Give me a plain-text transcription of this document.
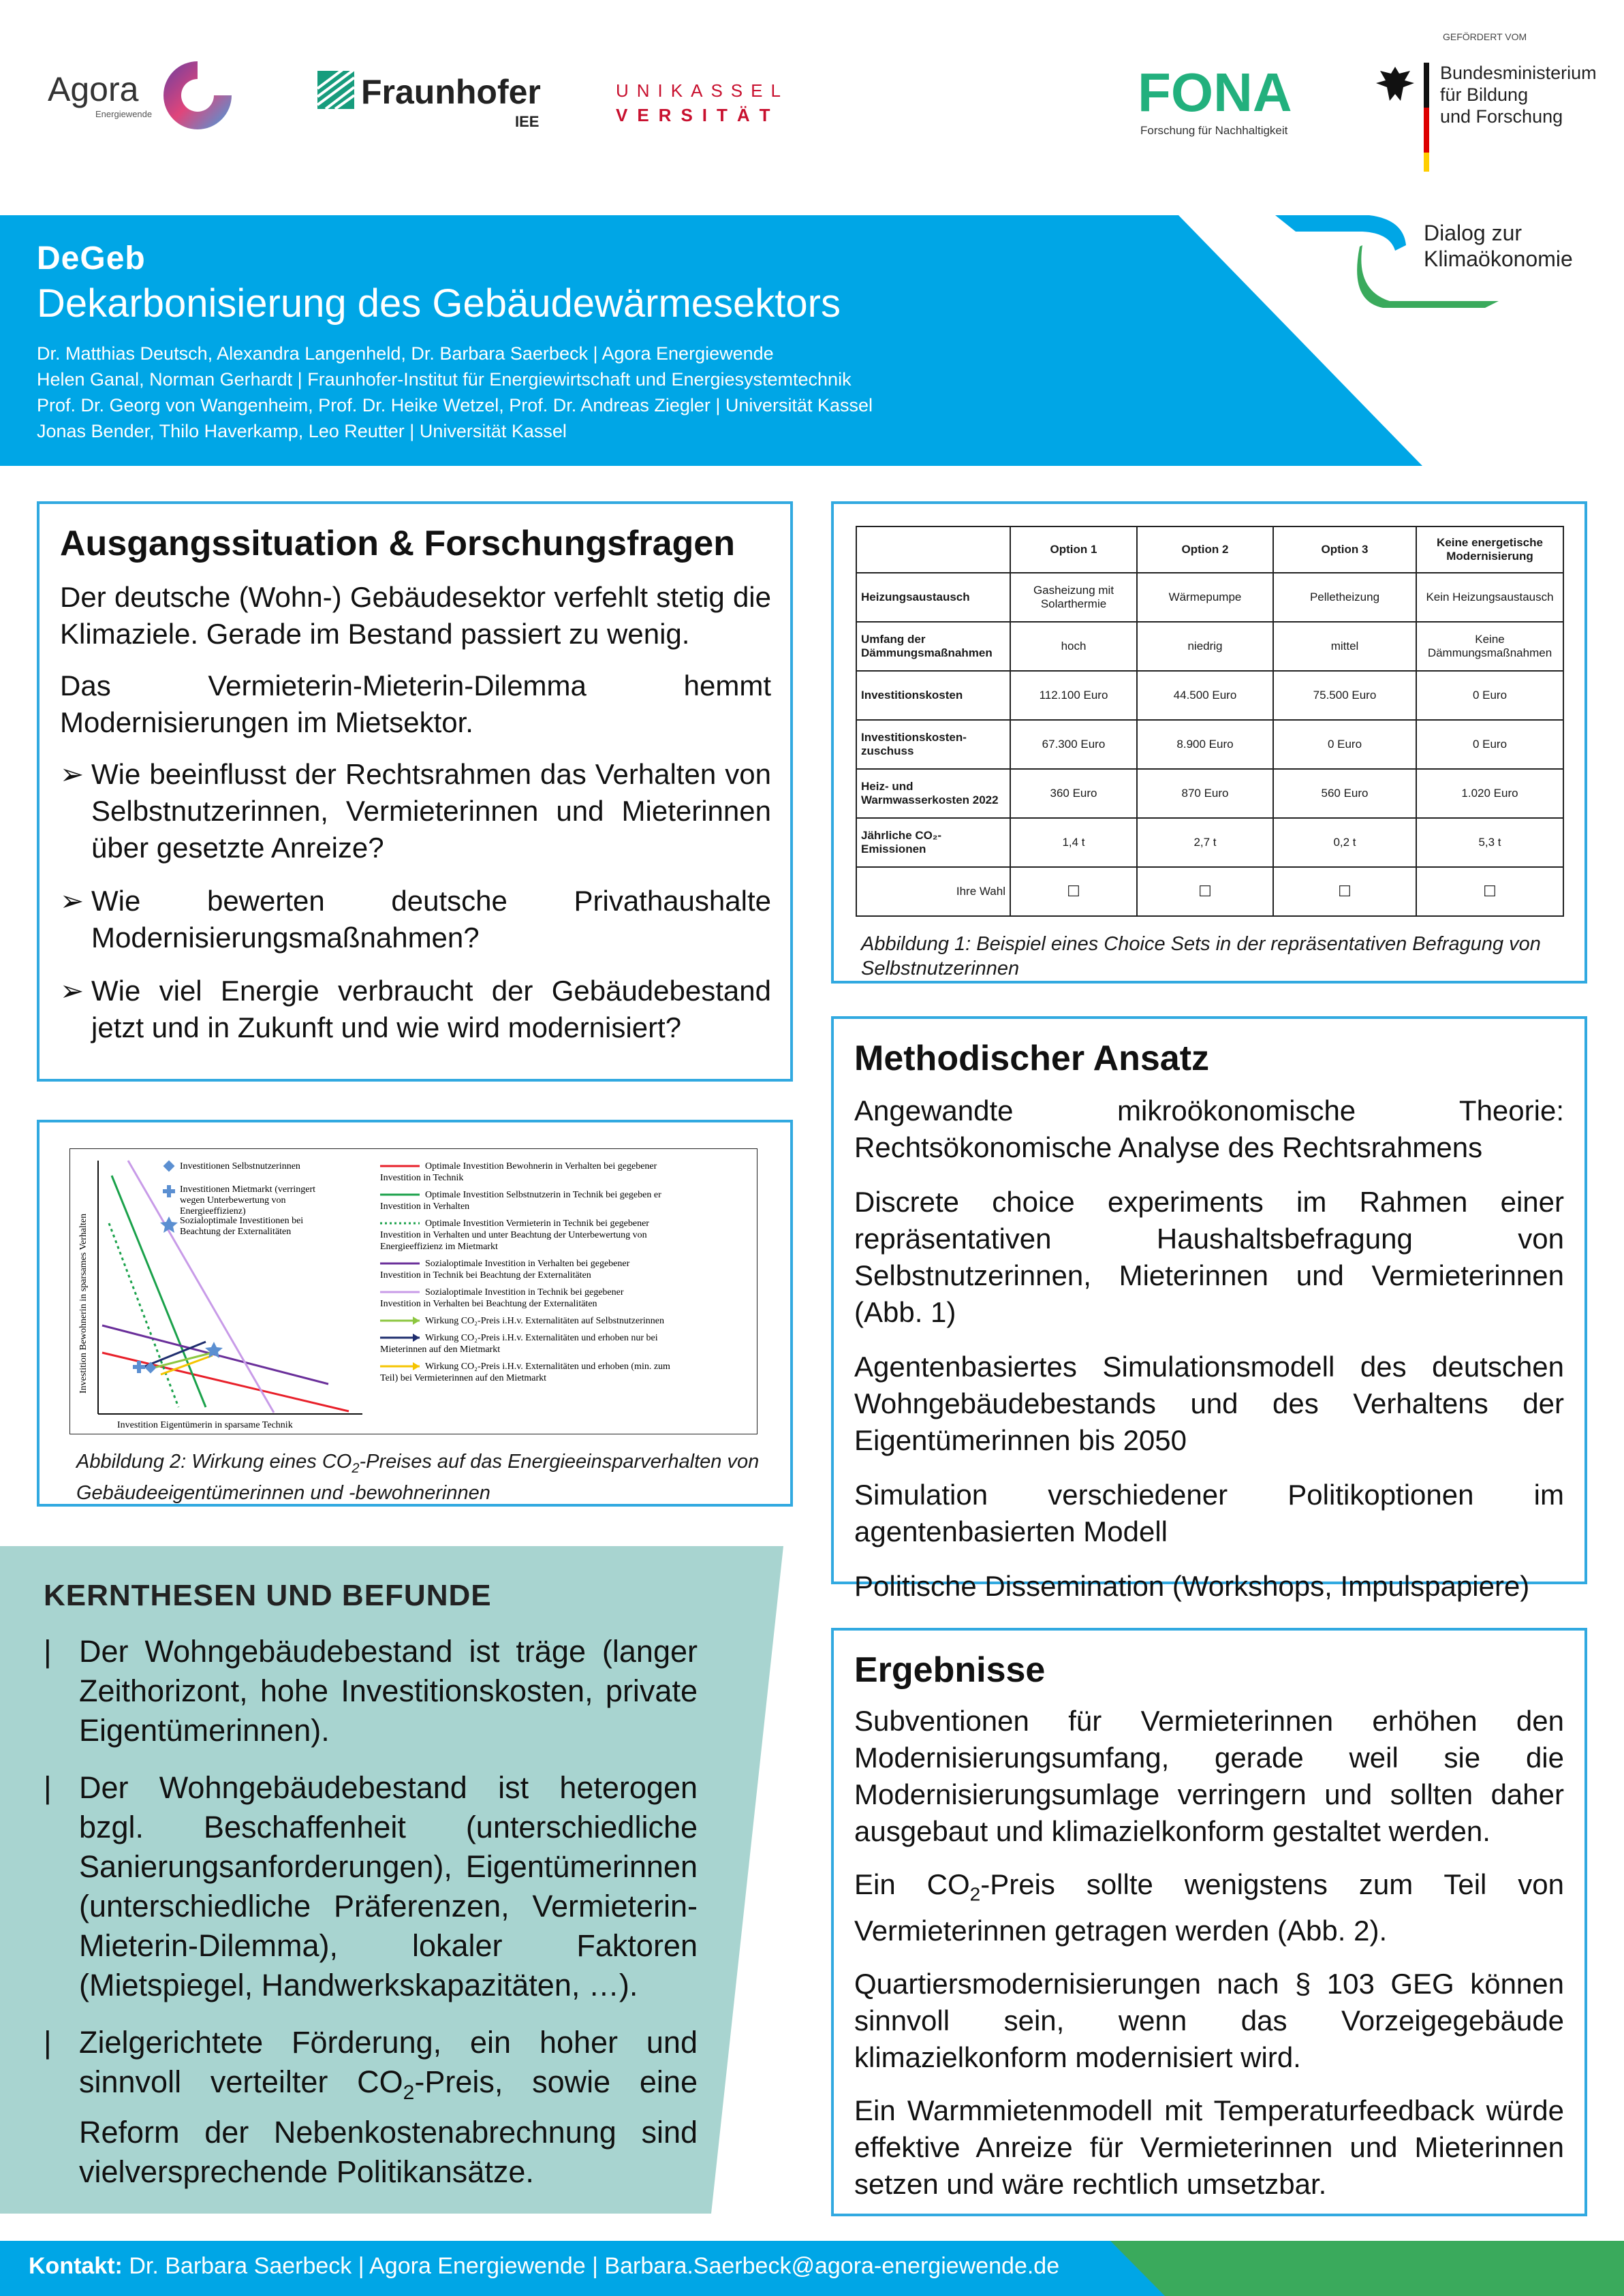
Agora
Energiewende
Fraunhofer
IEE
UNIKASSEL
VERSITÄT	FONA
Forschung für Nachhaltigkeit
GEFÖRDERT VOM
Bundesministerium
für Bildung
und Forschung
Dialog zur
Klimaökonomie
DeGeb
Dekarbonisierung des Gebäudewärmesektors
Dr. Matthias Deutsch, Alexandra Langenheld, Dr. Barbara Saerbeck | Agora Energiewende
Helen Ganal, Norman Gerhardt | Fraunhofer-Institut für Energiewirtschaft und Energiesystemtechnik
Prof. Dr. Georg von Wangenheim, Prof. Dr. Heike Wetzel, Prof. Dr. Andreas Ziegler | Universität Kassel
Jonas Bender, Thilo Haverkamp, Leo Reutter | Universität Kassel
Ausgangssituation & Forschungsfragen

Der deutsche (Wohn-) Gebäudesektor verfehlt stetig die Klimaziele. Gerade im Bestand passiert zu wenig.

Das Vermieterin-Mieterin-Dilemma hemmt Modernisierungen im Mietsektor.

➢ Wie beeinflusst der Rechtsrahmen das Verhalten von Selbstnutzerinnen, Vermieterinnen und Mieterinnen über gesetzte Anreize?
➢ Wie bewerten deutsche Privathaushalte Modernisierungsmaßnahmen?
➢ Wie viel Energie verbraucht der Gebäudebestand jetzt und in Zukunft und wie wird modernisiert?
Investition Bewohnerin in sparsames Verhalten
Investition Eigentümerin in sparsame Technik
Investitionen Selbstnutzerinnen
Investitionen Mietmarkt (verringert wegen Unterbewertung von Energieeffizienz)
Sozialoptimale Investitionen bei Beachtung der Externalitäten
Optimale Investition Bewohnerin in Verhalten bei gegebener Investition in Technik
Optimale Investition Selbstnutzerin in Technik bei gegeben er Investition in Verhalten
Optimale Investition Vermieterin in Technik bei gegebener Investition in Verhalten und unter Beachtung der Unterbewertung von Energieeffizienz im Mietmarkt
Sozialoptimale Investition in Verhalten bei gegebener Investition in Technik bei Beachtung der Externalitäten
Sozialoptimale Investition in Technik bei gegebener Investition in Verhalten bei Beachtung der Externalitäten
Wirkung CO₂-Preis i.H.v. Externalitäten auf Selbstnutzerinnen
Wirkung CO₂-Preis i.H.v. Externalitäten und erhoben nur bei Mieterinnen auf den Mietmarkt
Wirkung CO₂-Preis i.H.v. Externalitäten und erhoben (min. zum Teil) bei Vermieterinnen auf den Mietmarkt
Abbildung 2: Wirkung eines $CO_2$-Preises auf das Energieeinsparverhalten von Gebäudeeigentümerinnen und -bewohnerinnen
KERNTHESEN UND BEFUNDE
| Der Wohngebäudebestand ist träge (langer Zeithorizont, hohe Investitionskosten, private Eigentümerinnen).
| Der Wohngebäudebestand ist heterogen bzgl. Beschaffenheit (unterschiedliche Sanierungsanforderungen), Eigentümerinnen (unterschiedliche Präferenzen, Vermieterin-Mieterin-Dilemma), lokaler Faktoren (Mietspiegel, Handwerkskapazitäten, …).
| Zielgerichtete Förderung, ein hoher und sinnvoll verteilter $CO_2$-Preis, sowie eine Reform der Nebenkostenabrechnung sind vielversprechende Politikansätze.
	Option 1	Option 2	Option 3	Keine energetische Modernisierung
Heizungsaustausch	Gasheizung mit Solarthermie	Wärmepumpe	Pelletheizung	Kein Heizungsaustausch
Umfang der Dämmungsmaßnahmen	hoch	niedrig	mittel	Keine Dämmungsmaßnahmen
Investitionskosten	112.100 Euro	44.500 Euro	75.500 Euro	0 Euro
Investitionskosten-zuschuss	67.300 Euro	8.900 Euro	0 Euro	0 Euro
Heiz- und Warmwasserkosten 2022	360 Euro	870 Euro	560 Euro	1.020 Euro
Jährliche CO₂-Emissionen	1,4 t	2,7 t	0,2 t	5,3 t
Ihre Wahl	☐	☐	☐	☐
Abbildung 1: Beispiel eines Choice Sets in der repräsentativen Befragung von Selbstnutzerinnen
Methodischer Ansatz

Angewandte mikroökonomische Theorie: Rechtsökonomische Analyse des Rechtsrahmens

Discrete choice experiments im Rahmen einer repräsentativen Haushaltsbefragung von Selbstnutzerinnen, Mieterinnen und Vermieterinnen (Abb. 1)

Agentenbasiertes Simulationsmodell des deutschen Wohngebäudebestands und des Verhaltens der Eigentümerinnen bis 2050

Simulation verschiedener Politikoptionen im agentenbasierten Modell

Politische Dissemination (Workshops, Impulspapiere)

Ergebnisse

Subventionen für Vermieterinnen erhöhen den Modernisierungsumfang, gerade weil sie die Modernisierungsumlage verringern und sollten daher ausgebaut und klimazielkonform gestaltet werden.

Ein $CO_2$-Preis sollte wenigstens zum Teil von Vermieterinnen getragen werden (Abb. 2).

Quartiersmodernisierungen nach § 103 GEG können sinnvoll sein, wenn das Vorzeigegebäude klimazielkonform modernisiert wird.

Ein Warmmietenmodell mit Temperaturfeedback würde effektive Anreize für Vermieterinnen und Mieterinnen setzen und wäre rechtlich umsetzbar.

Kontakt: Dr. Barbara Saerbeck | Agora Energiewende | Barbara.Saerbeck@agora-energiewende.de
